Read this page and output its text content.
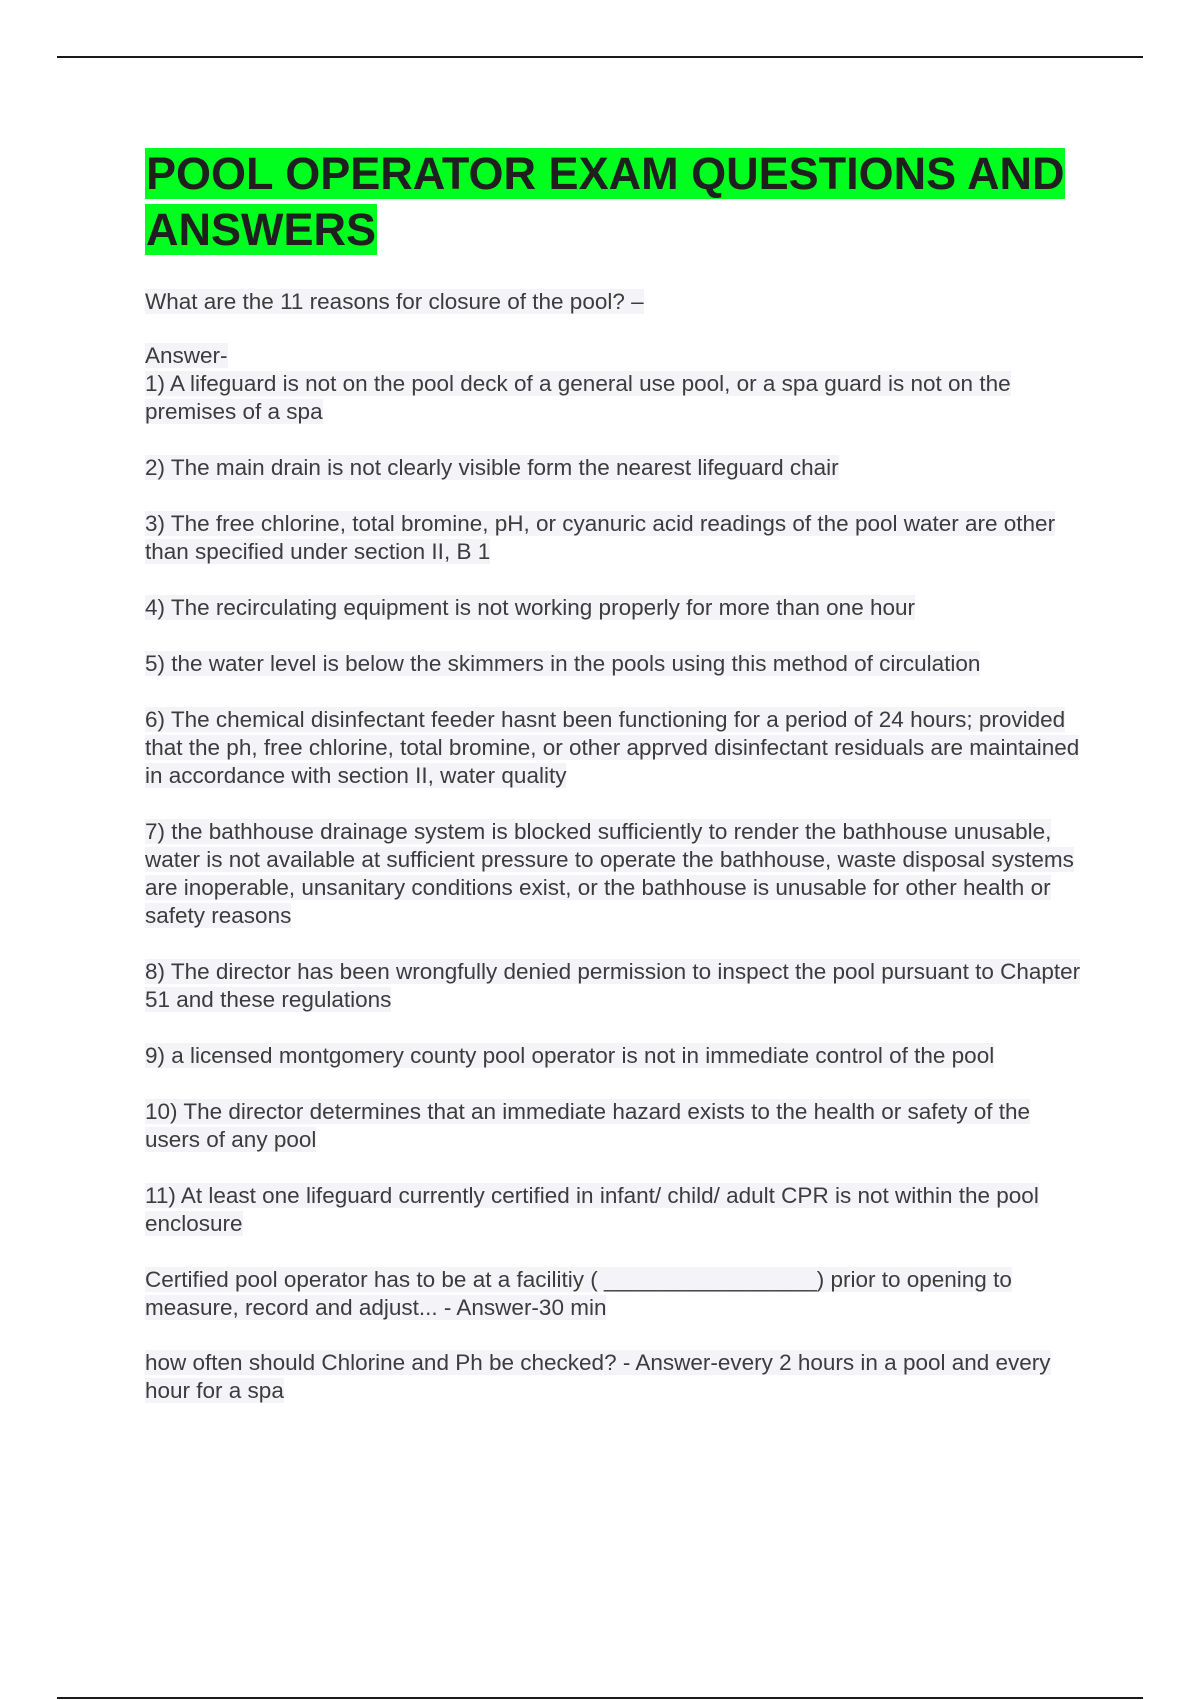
POOL OPERATOR EXAM QUESTIONS AND ANSWERS

What are the 11 reasons for closure of the pool? –

Answer-

1) A lifeguard is not on the pool deck of a general use pool, or a spa guard is not on the premises of a spa
2) The main drain is not clearly visible form the nearest lifeguard chair
3) The free chlorine, total bromine, pH, or cyanuric acid readings of the pool water are other than specified under section II, B 1
4) The recirculating equipment is not working properly for more than one hour
5) the water level is below the skimmers in the pools using this method of circulation
6) The chemical disinfectant feeder hasnt been functioning for a period of 24 hours; provided that the ph, free chlorine, total bromine, or other apprved disinfectant residuals are maintained in accordance with section II, water quality
7) the bathhouse drainage system is blocked sufficiently to render the bathhouse unusable, water is not available at sufficient pressure to operate the bathhouse, waste disposal systems are inoperable, unsanitary conditions exist, or the bathhouse is unusable for other health or safety reasons
8) The director has been wrongfully denied permission to inspect the pool pursuant to Chapter 51 and these regulations
9) a licensed montgomery county pool operator is not in immediate control of the pool
10) The director determines that an immediate hazard exists to the health or safety of the users of any pool
11) At least one lifeguard currently certified in infant/ child/ adult CPR is not within the pool enclosure

Certified pool operator has to be at a facilitiy ( _________________) prior to opening to measure, record and adjust... - Answer-30 min

how often should Chlorine and Ph be checked? - Answer-every 2 hours in a pool and every hour for a spa
